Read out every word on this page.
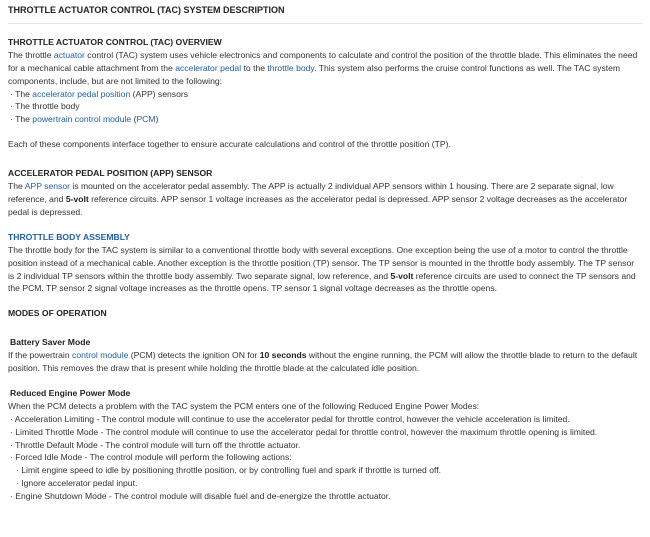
THROTTLE ACTUATOR CONTROL (TAC) SYSTEM DESCRIPTION
THROTTLE ACTUATOR CONTROL (TAC) OVERVIEW

The throttle actuator control (TAC) system uses vehicle electronics and components to calculate and control the position of the throttle blade. This eliminates the need for a mechanical cable attachment from the accelerator pedal to the throttle body. This system also performs the cruise control functions as well. The TAC system components, include, but are not limited to the following:

· The accelerator pedal position (APP) sensors
· The throttle body
· The powertrain control module (PCM)

Each of these components interface together to ensure accurate calculations and control of the throttle position (TP).

ACCELERATOR PEDAL POSITION (APP) SENSOR

The APP sensor is mounted on the accelerator pedal assembly. The APP is actually 2 individual APP sensors within 1 housing. There are 2 separate signal, low reference, and 5-volt reference circuits. APP sensor 1 voltage increases as the accelerator pedal is depressed. APP sensor 2 voltage decreases as the accelerator pedal is depressed.

THROTTLE BODY ASSEMBLY

The throttle body for the TAC system is similar to a conventional throttle body with several exceptions. One exception being the use of a motor to control the throttle position instead of a mechanical cable. Another exception is the throttle position (TP) sensor. The TP sensor is mounted in the throttle body assembly. The TP sensor is 2 individual TP sensors within the throttle body assembly. Two separate signal, low reference, and 5-volt reference circuits are used to connect the TP sensors and the PCM. TP sensor 2 signal voltage increases as the throttle opens. TP sensor 1 signal voltage decreases as the throttle opens.

MODES OF OPERATION
Battery Saver Mode

If the powertrain control module (PCM) detects the ignition ON for 10 seconds without the engine running, the PCM will allow the throttle blade to return to the default position. This removes the draw that is present while holding the throttle blade at the calculated idle position.

Reduced Engine Power Mode

When the PCM detects a problem with the TAC system the PCM enters one of the following Reduced Engine Power Modes:

· Acceleration Limiting - The control module will continue to use the accelerator pedal for throttle control, however the vehicle acceleration is limited.
· Limited Throttle Mode - The control module will continue to use the accelerator pedal for throttle control, however the maximum throttle opening is limited.
· Throttle Default Mode - The control module will turn off the throttle actuator.
· Forced Idle Mode - The control module will perform the following actions:
· Limit engine speed to idle by positioning throttle position, or by controlling fuel and spark if throttle is turned off.
· Ignore accelerator pedal input.
· Engine Shutdown Mode - The control module will disable fuel and de-energize the throttle actuator.
